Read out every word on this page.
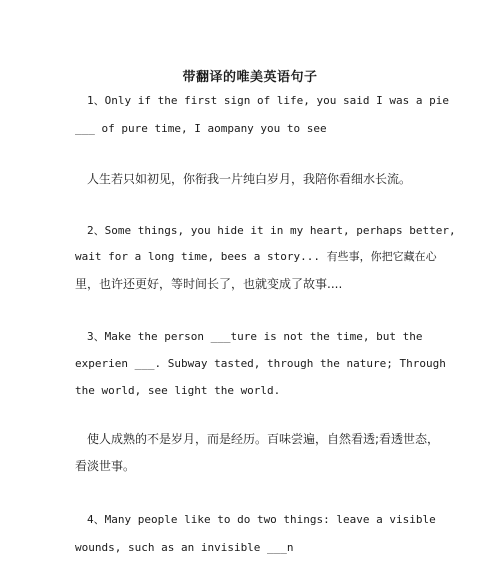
带翻译的唯美英语句子
1、Only if the first sign of life, you said I was a pie
___ of pure time, I aompany you to see
人生若只如初见，你衔我一片纯白岁月，我陪你看细水长流。
2、Some things, you hide it in my heart, perhaps better,
wait for a long time, bees a story... 有些事，你把它藏在心
里，也许还更好，等时间长了，也就变成了故事....
3、Make the person ___ture is not the time, but the
experien ___. Subway tasted, through the nature; Through
the world, see light the world.
使人成熟的不是岁月，而是经历。百味尝遍，自然看透;看透世态，
看淡世事。
4、Many people like to do two things: leave a visible
wounds, such as an invisible ___n
